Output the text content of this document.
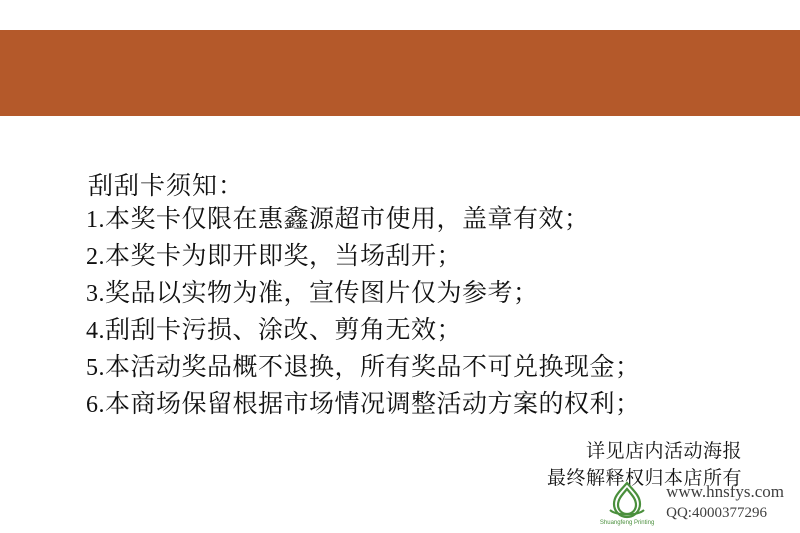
刮刮卡须知：
1.本奖卡仅限在惠鑫源超市使用，盖章有效；
2.本奖卡为即开即奖，当场刮开；
3.奖品以实物为准，宣传图片仅为参考；
4.刮刮卡污损、涂改、剪角无效；
5.本活动奖品概不退换，所有奖品不可兑换现金；
6.本商场保留根据市场情况调整活动方案的权利；
详见店内活动海报
最终解释权归本店所有
Shuangfeng Printing
www.hnsfys.com
QQ:4000377296
